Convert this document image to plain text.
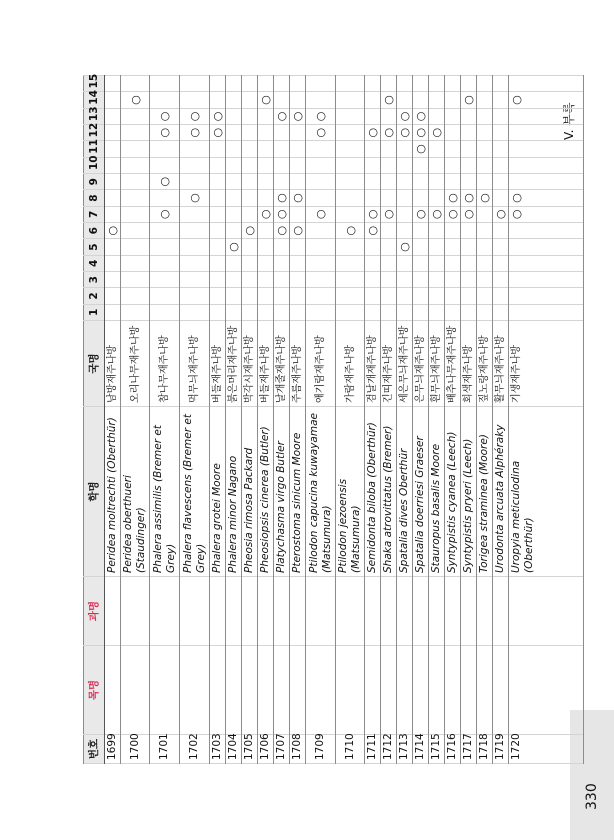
V. 부록
330
번호	목명	과명	학명	국명	1	2	3	4	5	6	7	8	9	10	11	12	13	14	15
1699			Peridea moltrechti (Oberthür)	남방재주나방						○									
1700			Peridea oberthueri (Staudinger)	오리나무재주나방														○	
1701			Phalera assimilis (Bremer et Grey)	참나무재주나방							○		○			○	○		
1702			Phalera flavescens (Bremer et Grey)	먹무늬재주나방								○				○	○		
1703			Phalera grotei Moore	버들재주나방												○	○		
1704			Phalera minor Nagano	붉은머리재주나방					○										
1705			Pheosia rimosa Packard	박각시재주나방						○									
1706			Pheosiopsis cinerea (Butler)	버들재주나방							○							○	
1707			Platychasma virgo Butler	날개줄재주나방						○	○	○					○		
1708			Pterostoma sinicum Moore	주름재주나방						○		○					○		
1709			Ptilodon capucina kuwayamae (Matsumura)	애기람재주나방							○					○	○		
1710			Ptilodon jezoensis (Matsumura)	가람재주나방						○									
1711			Semidonta biloba (Oberthür)	검날개재주나방						○	○					○			
1712			Shaka atrovittatus (Bremer)	긴띠재주나방							○					○		○	
1713			Spatalia dives Oberthür	세은무늬재주나방					○							○	○		
1714			Spatalia doerriesi Graeser	은무늬재주나방							○				○	○	○		
1715			Stauropus basalis Moore	흰무늬재주나방							○					○			
1716			Syntypistis cyanea (Leech)	배추나무재주나방							○	○							
1717			Syntypistis pryeri (Leech)	회색재주나방							○	○						○	
1718			Torigea straminea (Moore)	짚노랑재주나방								○							
1719			Urodonta arcuata Alphéraky	활무늬재주나방							○								
1720			Uropyia meticulodina (Oberthür)	기생재주나방							○	○						○	
